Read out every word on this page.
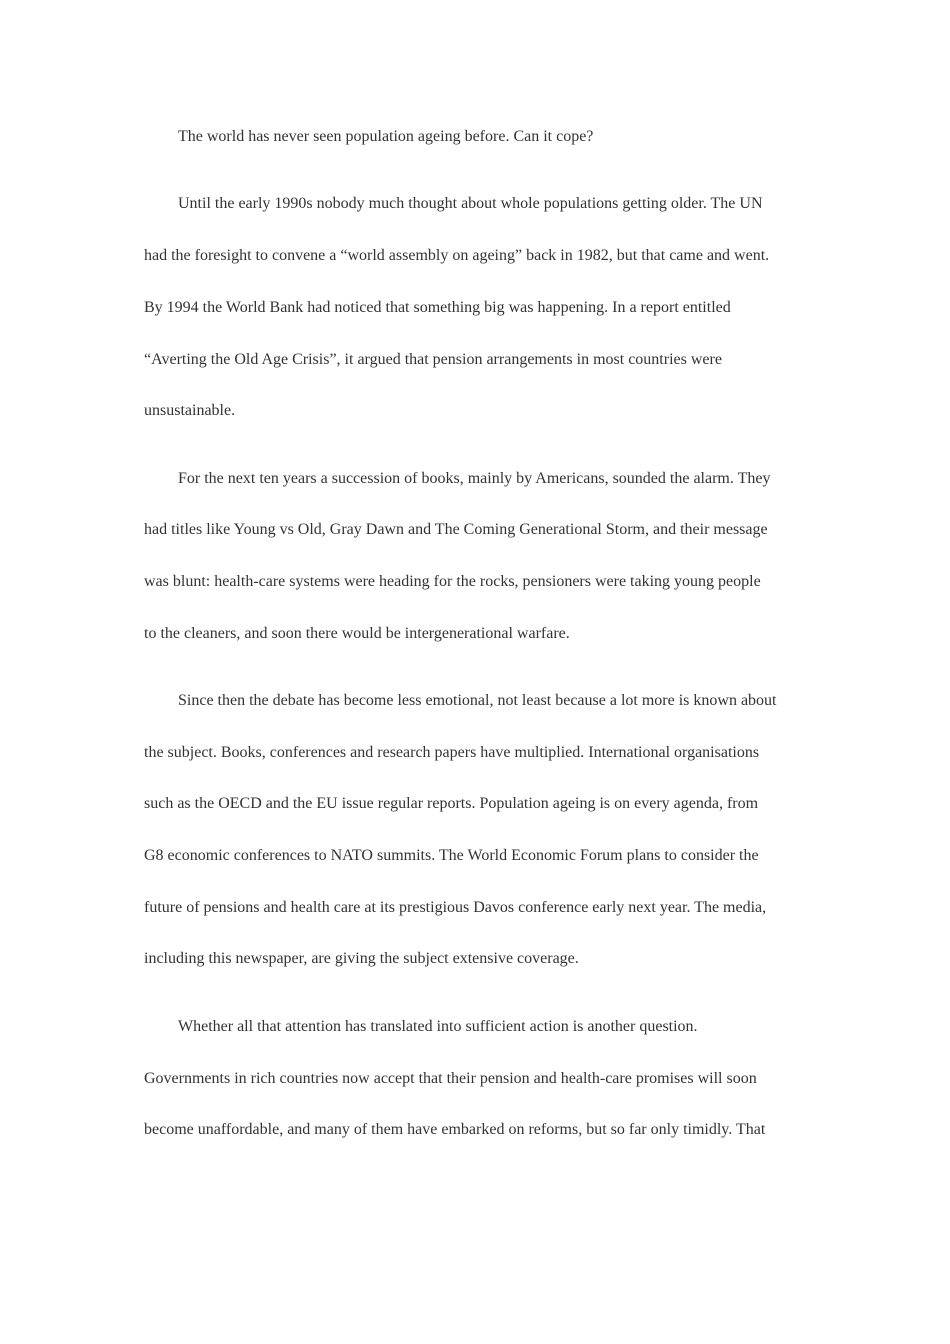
The world has never seen population ageing before. Can it cope?

Until the early 1990s nobody much thought about whole populations getting older. The UN

had the foresight to convene a “world assembly on ageing” back in 1982, but that came and went.

By 1994 the World Bank had noticed that something big was happening. In a report entitled

“Averting the Old Age Crisis”, it argued that pension arrangements in most countries were

unsustainable.

For the next ten years a succession of books, mainly by Americans, sounded the alarm. They

had titles like Young vs Old, Gray Dawn and The Coming Generational Storm, and their message

was blunt: health-care systems were heading for the rocks, pensioners were taking young people

to the cleaners, and soon there would be intergenerational warfare.

Since then the debate has become less emotional, not least because a lot more is known about

the subject. Books, conferences and research papers have multiplied. International organisations

such as the OECD and the EU issue regular reports. Population ageing is on every agenda, from

G8 economic conferences to NATO summits. The World Economic Forum plans to consider the

future of pensions and health care at its prestigious Davos conference early next year. The media,

including this newspaper, are giving the subject extensive coverage.

Whether all that attention has translated into sufficient action is another question.

Governments in rich countries now accept that their pension and health-care promises will soon

become unaffordable, and many of them have embarked on reforms, but so far only timidly. That
